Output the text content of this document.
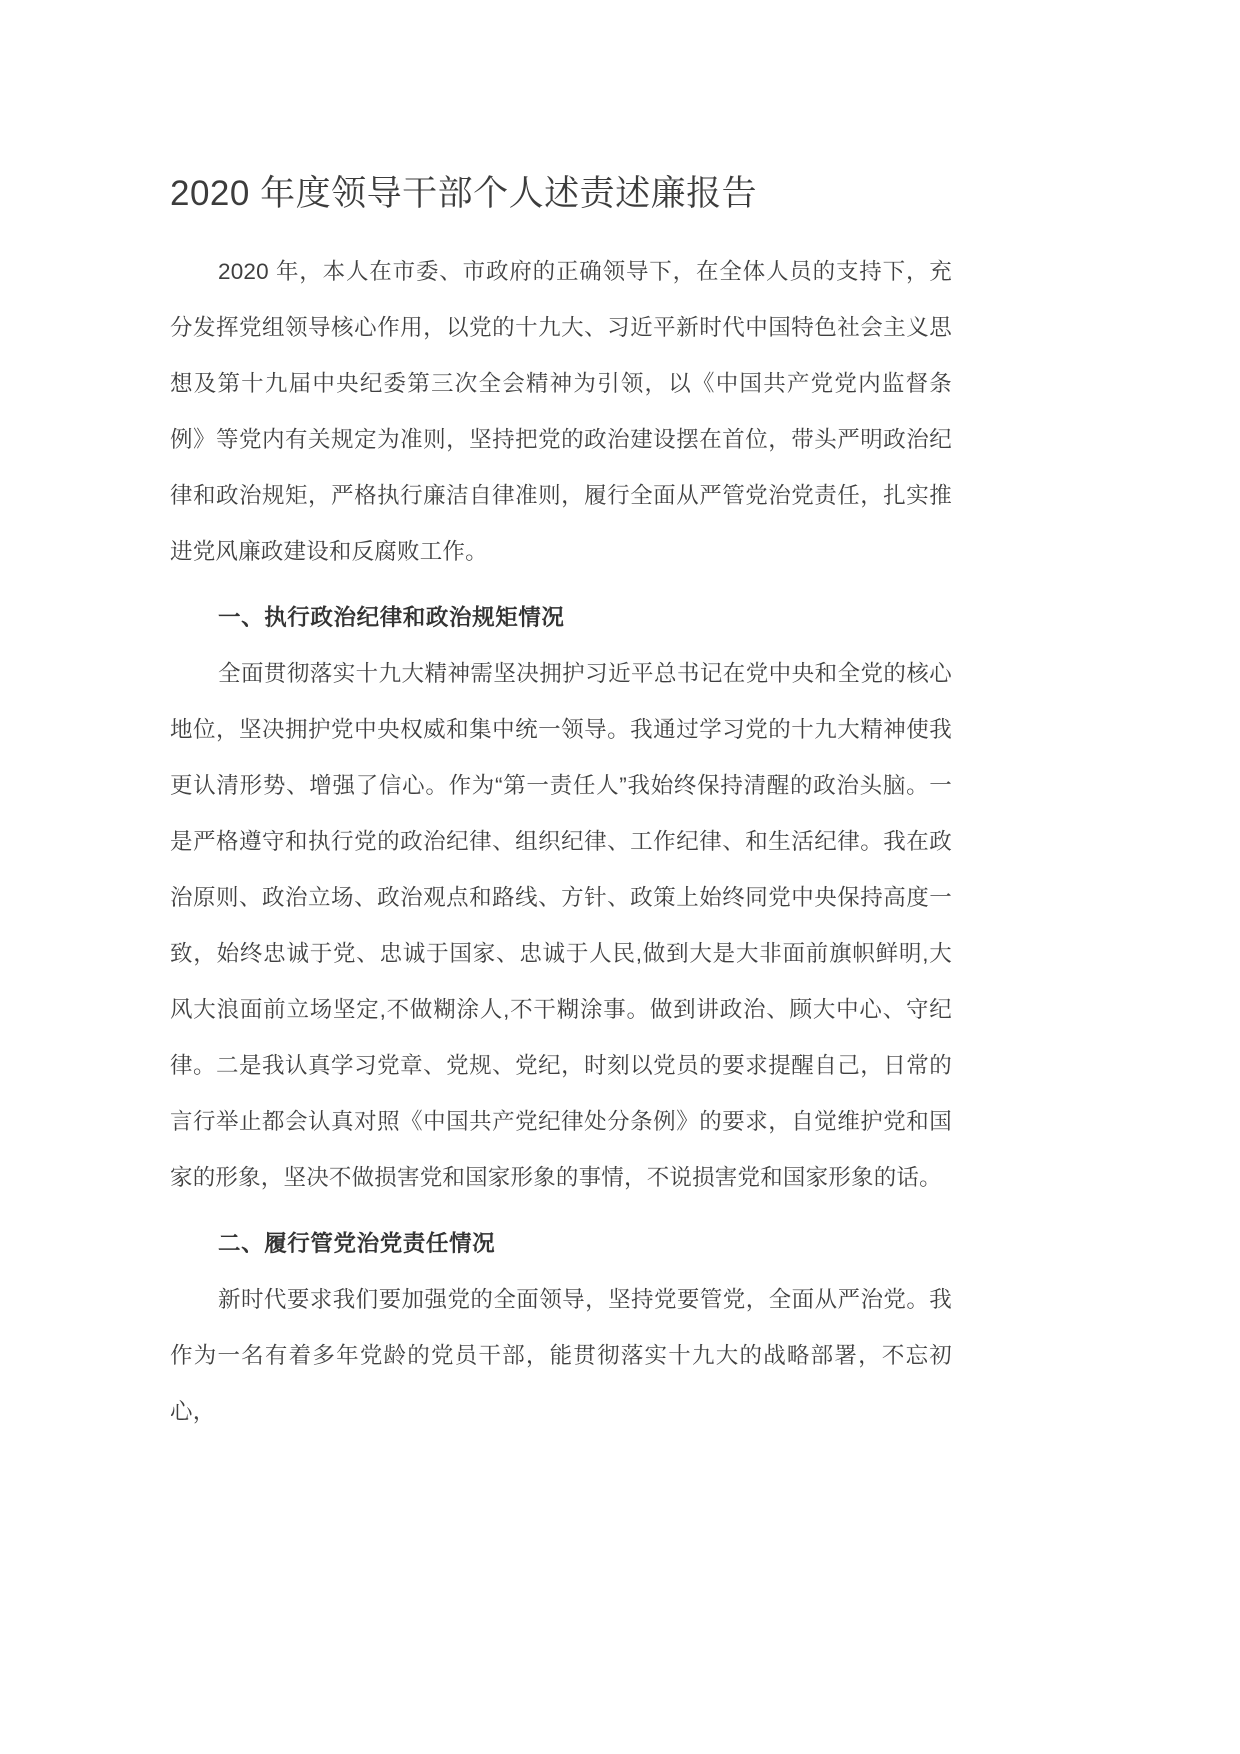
2020 年度领导干部个人述责述廉报告

2020 年，本人在市委、市政府的正确领导下，在全体人员的支持下，充分发挥党组领导核心作用，以党的十九大、习近平新时代中国特色社会主义思想及第十九届中央纪委第三次全会精神为引领，以《中国共产党党内监督条例》等党内有关规定为准则，坚持把党的政治建设摆在首位，带头严明政治纪律和政治规矩，严格执行廉洁自律准则，履行全面从严管党治党责任，扎实推进党风廉政建设和反腐败工作。

一、执行政治纪律和政治规矩情况

全面贯彻落实十九大精神需坚决拥护习近平总书记在党中央和全党的核心地位，坚决拥护党中央权威和集中统一领导。我通过学习党的十九大精神使我更认清形势、增强了信心。作为“第一责任人”我始终保持清醒的政治头脑。一是严格遵守和执行党的政治纪律、组织纪律、工作纪律、和生活纪律。我在政治原则、政治立场、政治观点和路线、方针、政策上始终同党中央保持高度一致，始终忠诚于党、忠诚于国家、忠诚于人民,做到大是大非面前旗帜鲜明,大风大浪面前立场坚定,不做糊涂人,不干糊涂事。做到讲政治、顾大中心、守纪律。二是我认真学习党章、党规、党纪，时刻以党员的要求提醒自己，日常的言行举止都会认真对照《中国共产党纪律处分条例》的要求，自觉维护党和国家的形象，坚决不做损害党和国家形象的事情，不说损害党和国家形象的话。

二、履行管党治党责任情况

新时代要求我们要加强党的全面领导，坚持党要管党，全面从严治党。我作为一名有着多年党龄的党员干部，能贯彻落实十九大的战略部署，不忘初心，
